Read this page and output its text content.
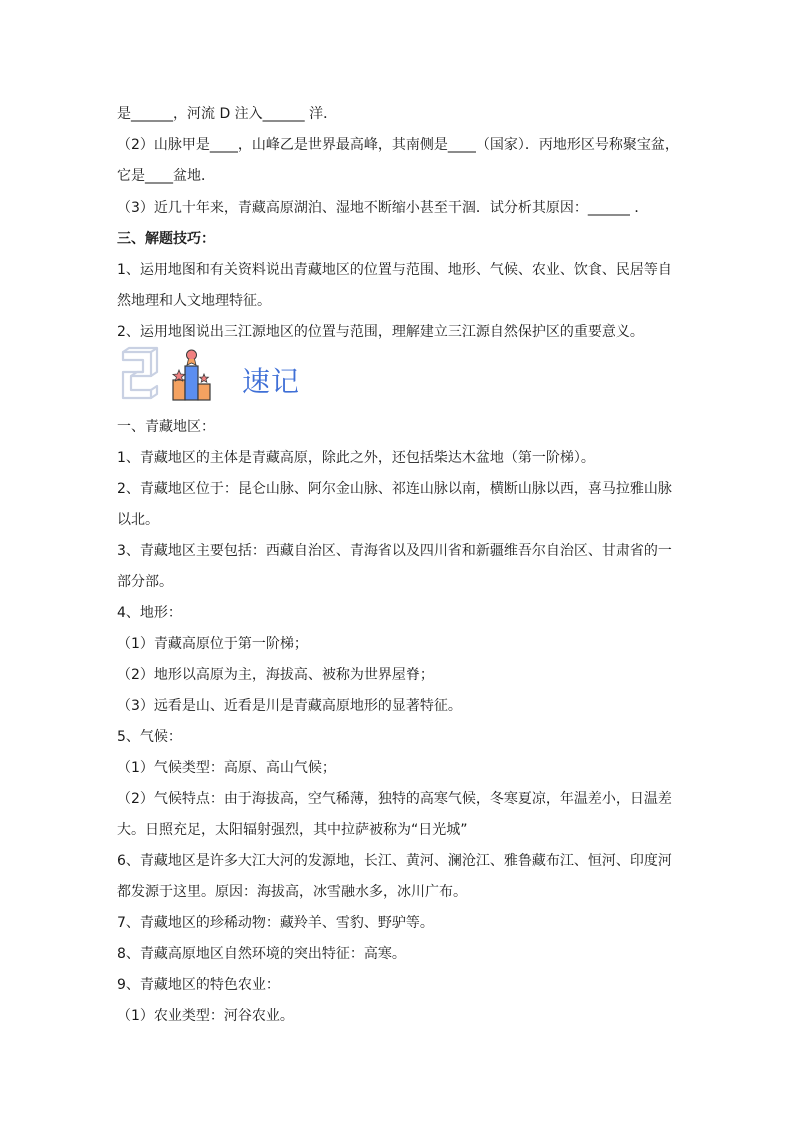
是______，河流 D 注入______ 洋．
（2）山脉甲是____，山峰乙是世界最高峰，其南侧是____（国家）．丙地形区号称聚宝盆，
它是____盆地．
（3）近几十年来，青藏高原湖泊、湿地不断缩小甚至干涸．试分析其原因：______ ．
三、解题技巧：
1、运用地图和有关资料说出青藏地区的位置与范围、地形、气候、农业、饮食、民居等自
然地理和人文地理特征。
2、运用地图说出三江源地区的位置与范围，理解建立三江源自然保护区的重要意义。
速记
一、青藏地区：
1、青藏地区的主体是青藏高原，除此之外，还包括柴达木盆地（第一阶梯）。
2、青藏地区位于：昆仑山脉、阿尔金山脉、祁连山脉以南，横断山脉以西，喜马拉雅山脉
以北。
3、青藏地区主要包括：西藏自治区、青海省以及四川省和新疆维吾尔自治区、甘肃省的一
部分部。
4、地形：
（1）青藏高原位于第一阶梯；
（2）地形以高原为主，海拔高、被称为世界屋脊；
（3）远看是山、近看是川是青藏高原地形的显著特征。
5、气候：
（1）气候类型：高原、高山气候；
（2）气候特点：由于海拔高，空气稀薄，独特的高寒气候，冬寒夏凉，年温差小，日温差
大。日照充足，太阳辐射强烈，其中拉萨被称为“日光城”
6、青藏地区是许多大江大河的发源地，长江、黄河、澜沧江、雅鲁藏布江、恒河、印度河
都发源于这里。原因：海拔高，冰雪融水多，冰川广布。
7、青藏地区的珍稀动物：藏羚羊、雪豹、野驴等。
8、青藏高原地区自然环境的突出特征：高寒。
9、青藏地区的特色农业：
（1）农业类型：河谷农业。
